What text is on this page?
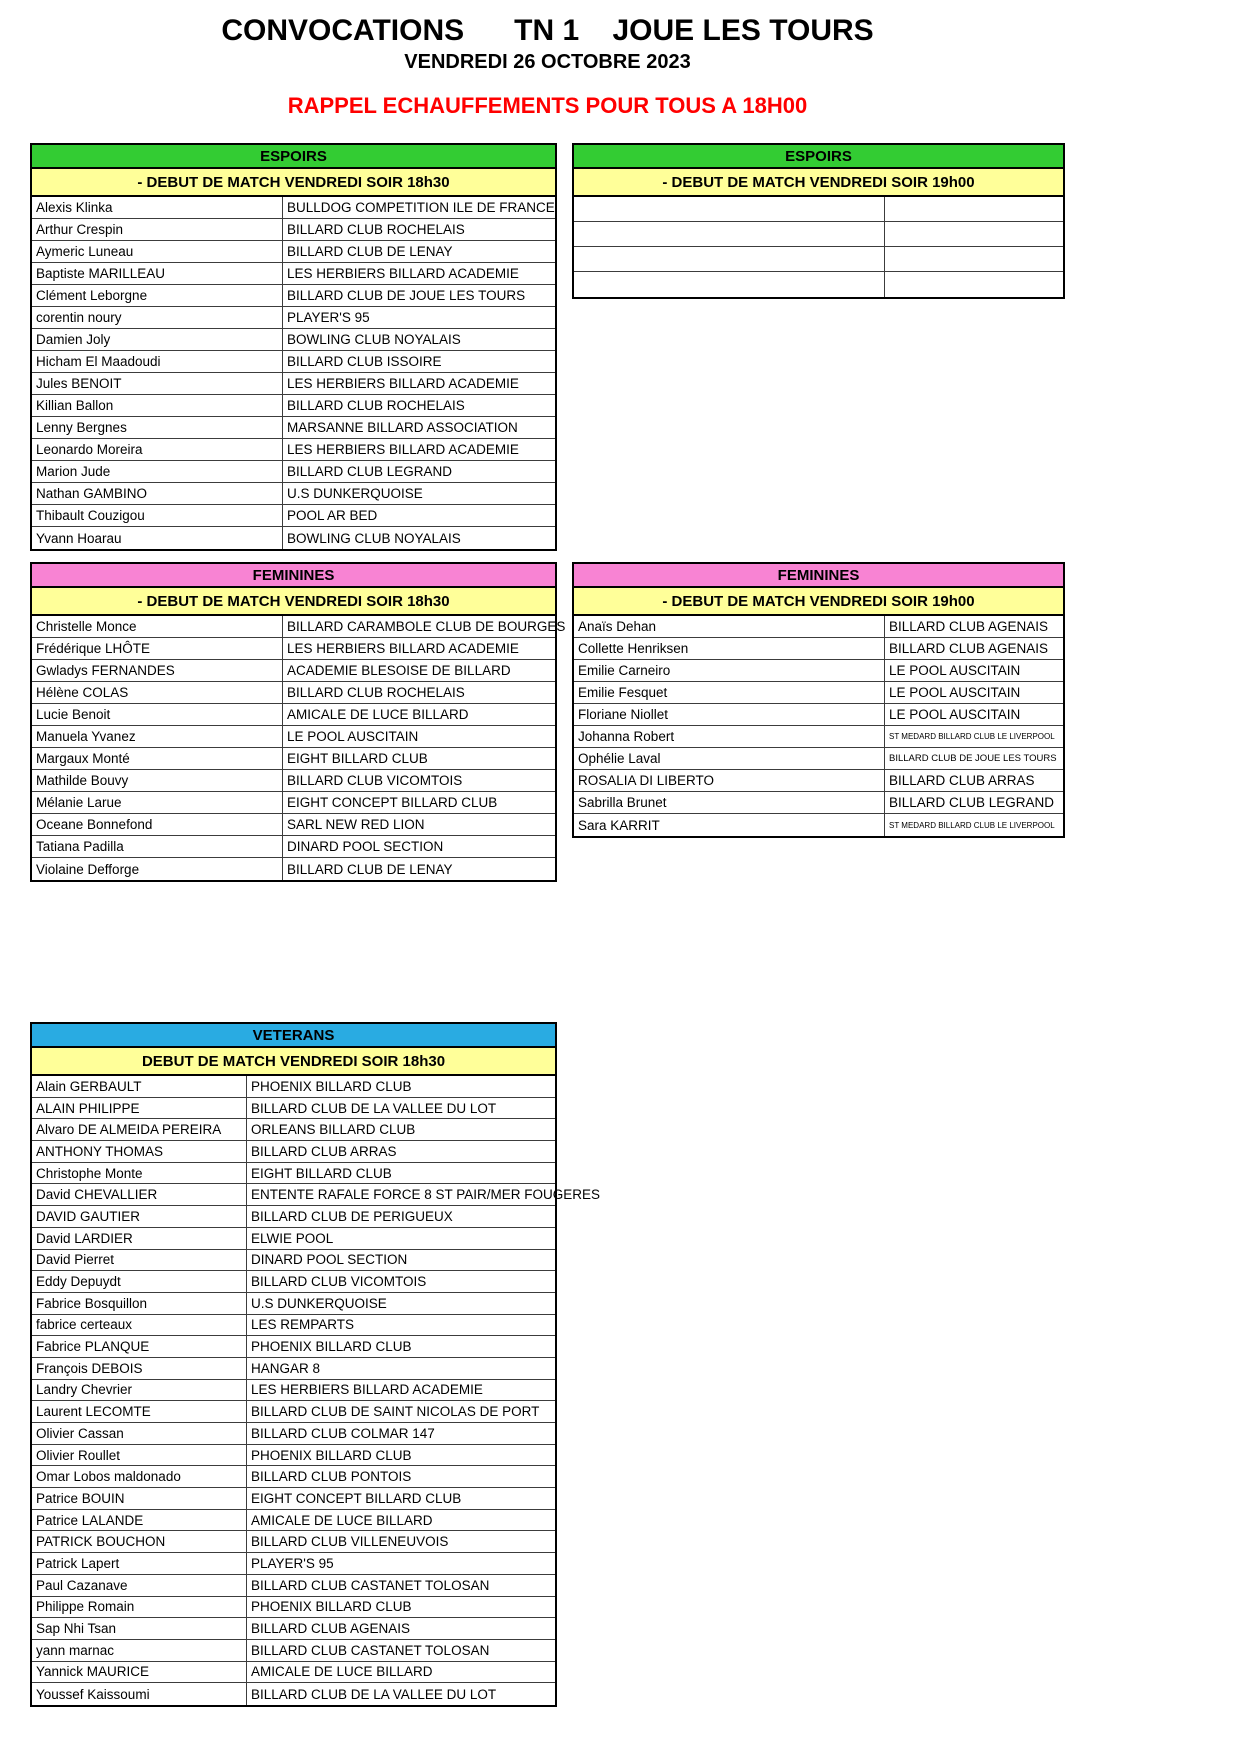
CONVOCATIONS      TN 1    JOUE LES TOURS
VENDREDI 26 OCTOBRE 2023
RAPPEL ECHAUFFEMENTS POUR TOUS A 18H00
ESPOIRS
- DEBUT DE MATCH VENDREDI SOIR 18h30
Alexis Klinka	BULLDOG COMPETITION ILE DE FRANCE
Arthur Crespin	BILLARD CLUB ROCHELAIS
Aymeric Luneau	BILLARD CLUB DE LENAY
Baptiste MARILLEAU	LES HERBIERS BILLARD ACADEMIE
Clément Leborgne	BILLARD CLUB DE JOUE LES TOURS
corentin noury	PLAYER'S 95
Damien Joly	BOWLING CLUB NOYALAIS
Hicham El Maadoudi	BILLARD CLUB ISSOIRE
Jules BENOIT	LES HERBIERS BILLARD ACADEMIE
Killian Ballon	BILLARD CLUB ROCHELAIS
Lenny Bergnes	MARSANNE BILLARD ASSOCIATION
Leonardo Moreira	LES HERBIERS BILLARD ACADEMIE
Marion Jude	BILLARD CLUB LEGRAND
Nathan GAMBINO	U.S DUNKERQUOISE
Thibault Couzigou	POOL AR BED
Yvann Hoarau	BOWLING CLUB NOYALAIS
ESPOIRS
- DEBUT DE MATCH VENDREDI SOIR 19h00
FEMININES
- DEBUT DE MATCH VENDREDI SOIR 18h30
Christelle Monce	BILLARD CARAMBOLE CLUB DE BOURGES
Frédérique LHÔTE	LES HERBIERS BILLARD ACADEMIE
Gwladys FERNANDES	ACADEMIE BLESOISE DE BILLARD
Hélène COLAS	BILLARD CLUB ROCHELAIS
Lucie Benoit	AMICALE DE LUCE BILLARD
Manuela Yvanez	LE POOL AUSCITAIN
Margaux Monté	EIGHT BILLARD CLUB
Mathilde Bouvy	BILLARD CLUB VICOMTOIS
Mélanie Larue	EIGHT CONCEPT BILLARD CLUB
Oceane Bonnefond	SARL NEW RED LION
Tatiana Padilla	DINARD POOL SECTION
Violaine Defforge	BILLARD CLUB DE LENAY
FEMININES
- DEBUT DE MATCH VENDREDI SOIR 19h00
Anaïs Dehan	BILLARD CLUB AGENAIS
Collette Henriksen	BILLARD CLUB AGENAIS
Emilie Carneiro	LE POOL AUSCITAIN
Emilie Fesquet	LE POOL AUSCITAIN
Floriane Niollet	LE POOL AUSCITAIN
Johanna Robert	ST MEDARD BILLARD CLUB LE LIVERPOOL
Ophélie Laval	BILLARD CLUB DE JOUE LES TOURS
ROSALIA DI LIBERTO	BILLARD CLUB ARRAS
Sabrilla Brunet	BILLARD CLUB LEGRAND
Sara KARRIT	ST MEDARD BILLARD CLUB LE LIVERPOOL
VETERANS
DEBUT DE MATCH VENDREDI SOIR 18h30
Alain GERBAULT	PHOENIX BILLARD CLUB
ALAIN PHILIPPE	BILLARD CLUB DE LA VALLEE DU LOT
Alvaro DE ALMEIDA PEREIRA	ORLEANS BILLARD CLUB
ANTHONY THOMAS	BILLARD CLUB ARRAS
Christophe Monte	EIGHT BILLARD CLUB
David CHEVALLIER	ENTENTE RAFALE FORCE 8 ST PAIR/MER FOUGERES
DAVID GAUTIER	BILLARD CLUB DE PERIGUEUX
David LARDIER	ELWIE POOL
David Pierret	DINARD POOL SECTION
Eddy Depuydt	BILLARD CLUB VICOMTOIS
Fabrice Bosquillon	U.S DUNKERQUOISE
fabrice certeaux	LES REMPARTS
Fabrice PLANQUE	PHOENIX BILLARD CLUB
François DEBOIS	HANGAR 8
Landry Chevrier	LES HERBIERS BILLARD ACADEMIE
Laurent LECOMTE	BILLARD CLUB DE SAINT NICOLAS DE PORT
Olivier Cassan	BILLARD CLUB COLMAR 147
Olivier Roullet	PHOENIX BILLARD CLUB
Omar Lobos maldonado	BILLARD CLUB PONTOIS
Patrice BOUIN	EIGHT CONCEPT BILLARD CLUB
Patrice LALANDE	AMICALE DE LUCE BILLARD
PATRICK BOUCHON	BILLARD CLUB VILLENEUVOIS
Patrick Lapert	PLAYER'S 95
Paul Cazanave	BILLARD CLUB CASTANET TOLOSAN
Philippe Romain	PHOENIX BILLARD CLUB
Sap Nhi Tsan	BILLARD CLUB AGENAIS
yann marnac	BILLARD CLUB CASTANET TOLOSAN
Yannick MAURICE	AMICALE DE LUCE BILLARD
Youssef Kaissoumi	BILLARD CLUB DE LA VALLEE DU LOT
